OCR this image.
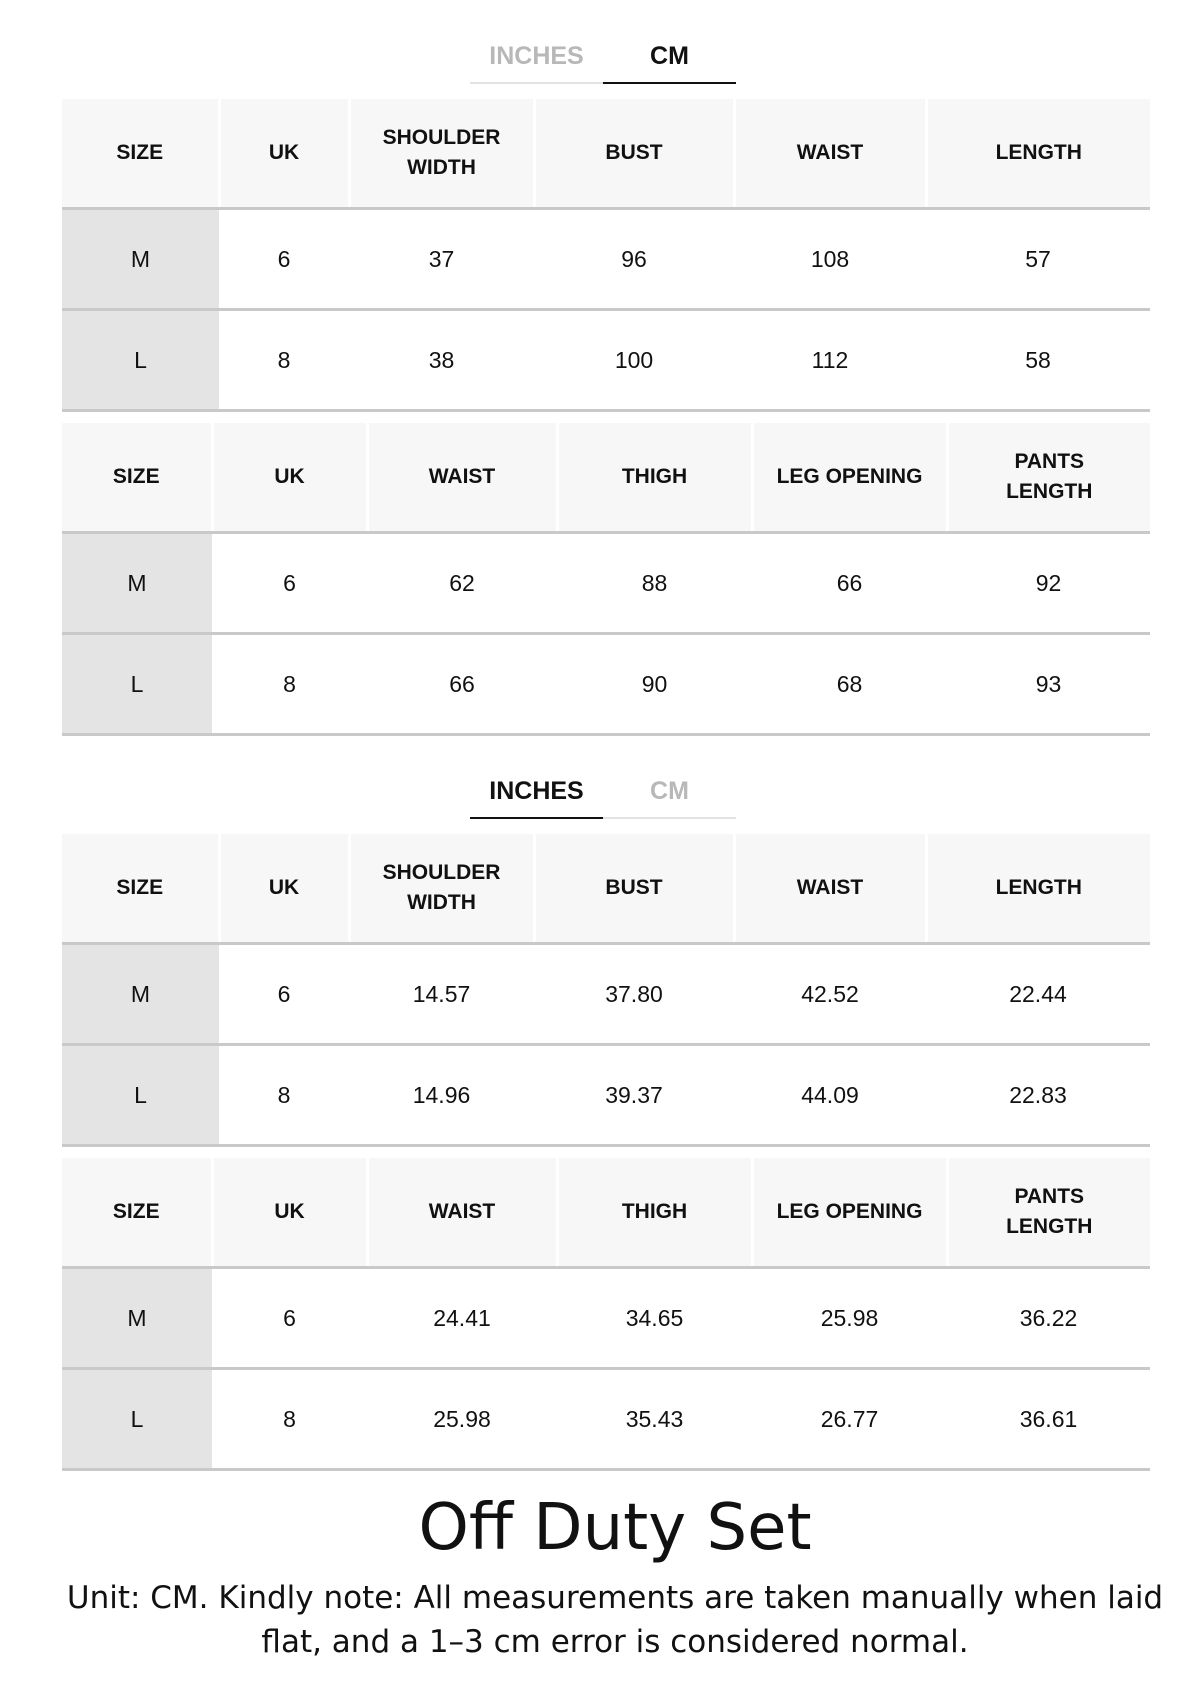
INCHES	CM
SIZE	UK	SHOULDER WIDTH	BUST	WAIST	LENGTH
M	6	37	96	108	57
L	8	38	100	112	58
SIZE	UK	WAIST	THIGH	LEG OPENING	PANTS LENGTH
M	6	62	88	66	92
L	8	66	90	68	93
INCHES	CM
SIZE	UK	SHOULDER WIDTH	BUST	WAIST	LENGTH
M	6	14.57	37.80	42.52	22.44
L	8	14.96	39.37	44.09	22.83
SIZE	UK	WAIST	THIGH	LEG OPENING	PANTS LENGTH
M	6	24.41	34.65	25.98	36.22
L	8	25.98	35.43	26.77	36.61
Off Duty Set
Unit: CM. Kindly note: All measurements are taken manually when laid flat, and a 1–3 cm error is considered normal.
